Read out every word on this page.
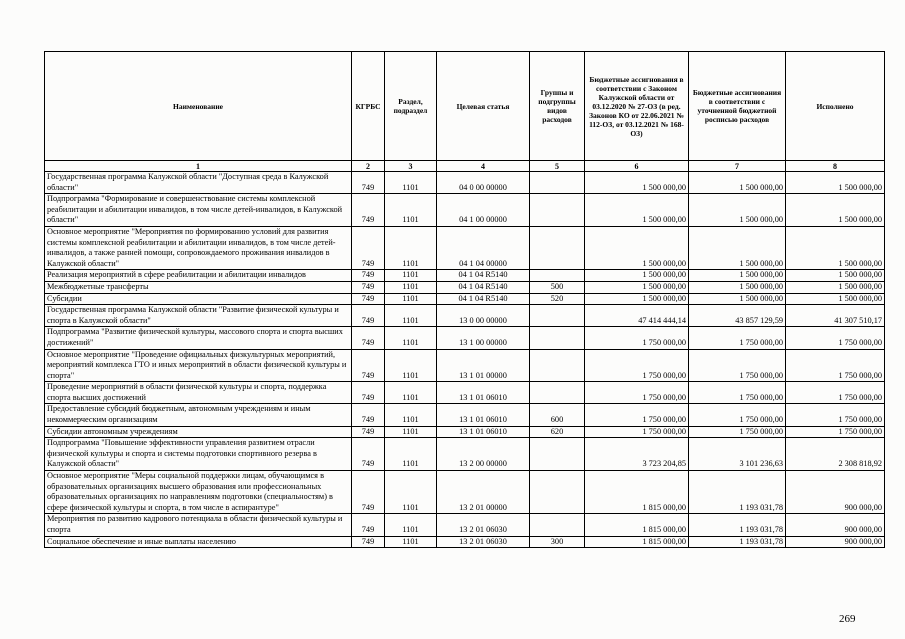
Наименование	КГРБС	Раздел, подраздел	Целевая статья	Группы и подгруппы видов расходов	Бюджетные ассигнования в соответствии с Законом Калужской области от 03.12.2020 № 27-ОЗ (в ред. Законов КО от 22.06.2021 № 112-ОЗ, от 03.12.2021 № 168-ОЗ)	Бюджетные ассигнования в соответствии с уточненной бюджетной росписью расходов	Исполнено
1	2	3	4	5	6	7	8
Государственная программа Калужской области "Доступная среда в Калужской области"	749	1101	04 0 00 00000		1 500 000,00	1 500 000,00	1 500 000,00
Подпрограмма "Формирование и совершенствование системы комплексной реабилитации и абилитации инвалидов, в том числе детей-инвалидов, в Калужской области"	749	1101	04 1 00 00000		1 500 000,00	1 500 000,00	1 500 000,00
Основное мероприятие "Мероприятия по формированию условий для развития системы комплексной реабилитации и абилитации инвалидов, в том числе детей-инвалидов, а также ранней помощи, сопровождаемого проживания инвалидов в Калужской области"	749	1101	04 1 04 00000		1 500 000,00	1 500 000,00	1 500 000,00
Реализация мероприятий в сфере реабилитации и абилитации инвалидов	749	1101	04 1 04 R5140		1 500 000,00	1 500 000,00	1 500 000,00
Межбюджетные трансферты	749	1101	04 1 04 R5140	500	1 500 000,00	1 500 000,00	1 500 000,00
Субсидии	749	1101	04 1 04 R5140	520	1 500 000,00	1 500 000,00	1 500 000,00
Государственная программа Калужской области "Развитие физической культуры и спорта в Калужской области"	749	1101	13 0 00 00000		47 414 444,14	43 857 129,59	41 307 510,17
Подпрограмма "Развитие физической культуры, массового спорта и спорта высших достижений"	749	1101	13 1 00 00000		1 750 000,00	1 750 000,00	1 750 000,00
Основное мероприятие "Проведение официальных физкультурных мероприятий, мероприятий комплекса ГТО и иных мероприятий в области физической культуры и спорта"	749	1101	13 1 01 00000		1 750 000,00	1 750 000,00	1 750 000,00
Проведение мероприятий в области физической культуры и спорта, поддержка спорта высших достижений	749	1101	13 1 01 06010		1 750 000,00	1 750 000,00	1 750 000,00
Предоставление субсидий бюджетным, автономным учреждениям и иным некоммерческим организациям	749	1101	13 1 01 06010	600	1 750 000,00	1 750 000,00	1 750 000,00
Субсидии автономным учреждениям	749	1101	13 1 01 06010	620	1 750 000,00	1 750 000,00	1 750 000,00
Подпрограмма "Повышение эффективности управления развитием отрасли физической культуры и спорта и системы подготовки спортивного резерва в Калужской области"	749	1101	13 2 00 00000		3 723 204,85	3 101 236,63	2 308 818,92
Основное мероприятие "Меры социальной поддержки лицам, обучающимся в образовательных организациях высшего образования или профессиональных образовательных организациях по направлениям подготовки (специальностям) в сфере физической культуры и спорта, в том числе в аспирантуре"	749	1101	13 2 01 00000		1 815 000,00	1 193 031,78	900 000,00
Мероприятия по развитию кадрового потенциала в области физической культуры и спорта	749	1101	13 2 01 06030		1 815 000,00	1 193 031,78	900 000,00
Социальное обеспечение и иные выплаты населению	749	1101	13 2 01 06030	300	1 815 000,00	1 193 031,78	900 000,00
269
